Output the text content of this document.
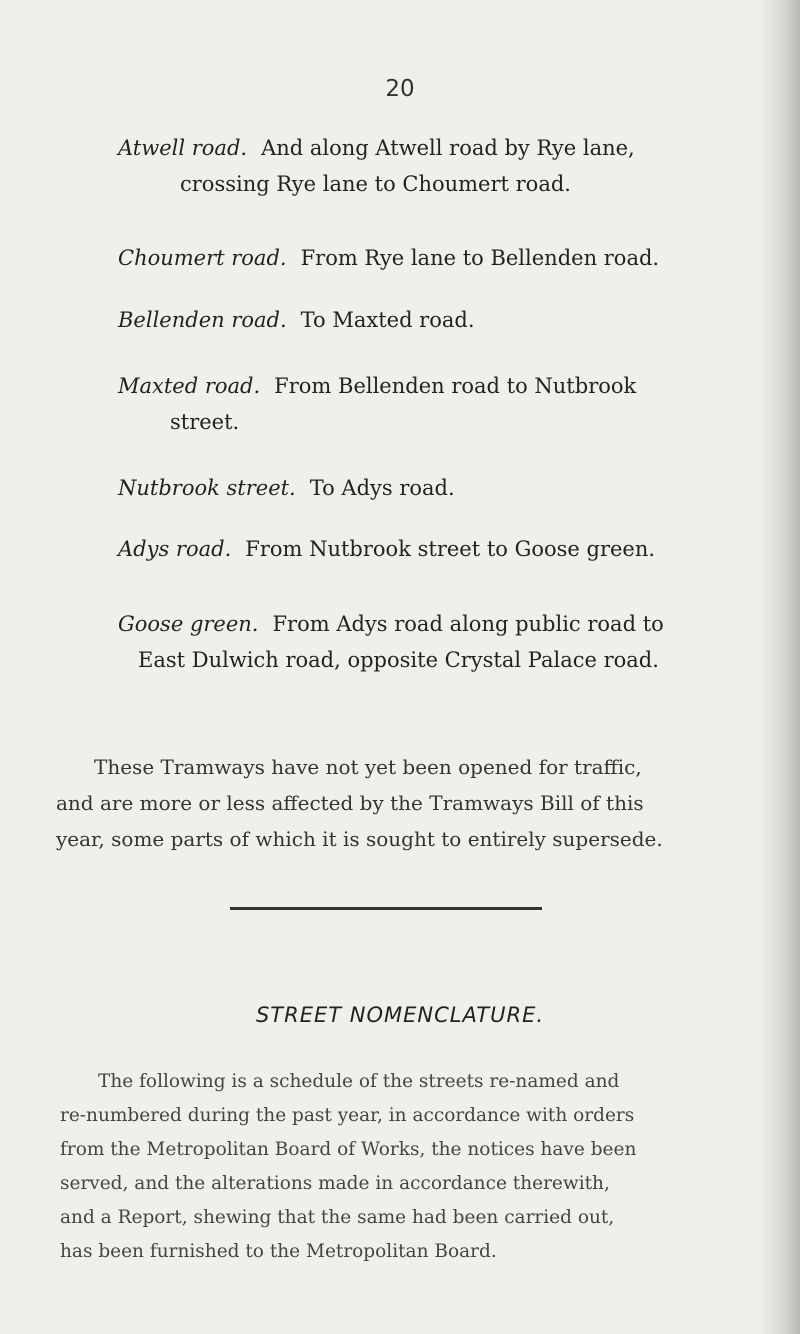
20
Atwell road. And along Atwell road by Rye lane,
crossing Rye lane to Choumert road.
Choumert road. From Rye lane to Bellenden road.
Bellenden road. To Maxted road.
Maxted road. From Bellenden road to Nutbrook
street.
Nutbrook street. To Adys road.
Adys road. From Nutbrook street to Goose green.
Goose green. From Adys road along public road to
East Dulwich road, opposite Crystal Palace road.
These Tramways have not yet been opened for traffic,
and are more or less affected by the Tramways Bill of this
year, some parts of which it is sought to entirely supersede.
STREET NOMENCLATURE.
The following is a schedule of the streets re-named and
re-numbered during the past year, in accordance with orders
from the Metropolitan Board of Works, the notices have been
served, and the alterations made in accordance therewith,
and a Report, shewing that the same had been carried out,
has been furnished to the Metropolitan Board.
